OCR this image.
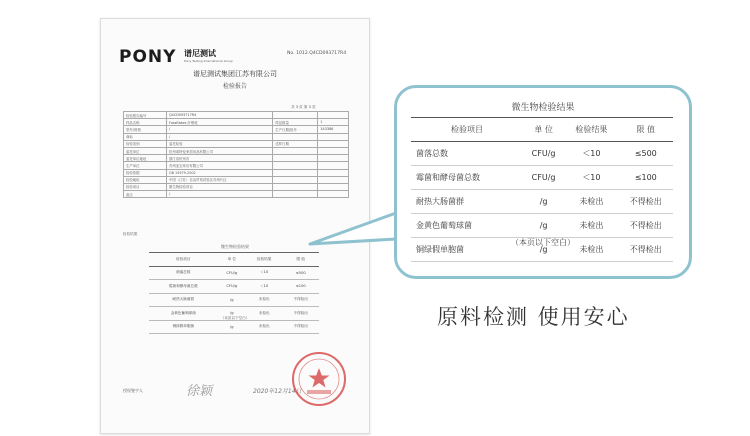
PONY 谱尼测试
Pony Testing International Group
No. 1012.Q4CD093717R4
谱尼测试集团江苏有限公司
检验报告
共 3 页 第 3 页
检验报告编号	Q4CD093717R4		
样品名称	Fossflakes 纤维枕	样品数量	1
型号/规格	/	生产日期/批号	1A3386
商标	/		
检验类别	委托检验	送样日期	
委托单位	杭州诺特伦家居用品有限公司		
委托单位地址	浙江省杭州市		
生产单位	苏州亚宝家纺有限公司		
检验依据	GB 15979-2002		
检验地址	中国（江苏）自由贸易试验区苏州片区		
检验项目	微生物检验项目		
备注	/		
检验结果
微生物检验结果
检验项目	单 位	检验结果	限 值
菌落总数	CFU/g	＜10	≤500
霉菌和酵母菌总数	CFU/g	＜10	≤100
耐热大肠菌群	/g	未检出	不得检出
金黄色葡萄球菌	/g	未检出	不得检出
铜绿假单胞菌	/g	未检出	不得检出
（本页以下空白）
授权签字人	徐颖	2020年12月14日
微生物检验结果
检验项目	单 位	检验结果	限 值
菌落总数	CFU/g	＜10	≤500
霉菌和酵母菌总数	CFU/g	＜10	≤100
耐热大肠菌群	/g	未检出	不得检出
金黄色葡萄球菌	/g	未检出	不得检出
铜绿假单胞菌	/g	未检出	不得检出
（本页以下空白）
原料检测 使用安心
